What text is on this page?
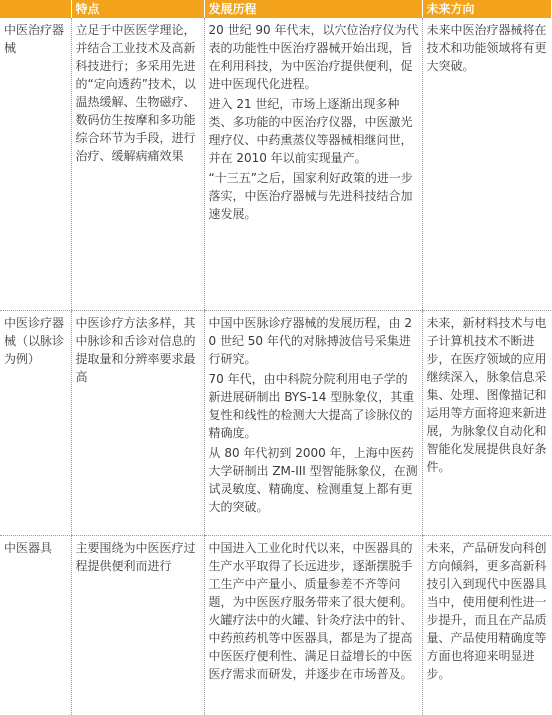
	特点	发展历程	未来方向
中医治疗器械	立足于中医医学理论，并结合工业技术及高新科技进行；多采用先进的“定向透药”技术，以温热缓解、生物磁疗、数码仿生按摩和多功能综合环节为手段，进行治疗、缓解病痛效果	20 世纪 90 年代末，以穴位治疗仪为代表的功能性中医治疗器械开始出现，旨在利用科技，为中医治疗提供便利，促进中医现代化进程。
进入 21 世纪，市场上逐渐出现多种类、多功能的中医治疗仪器，中医激光理疗仪、中药熏蒸仪等器械相继问世，并在 2010 年以前实现量产。
“十三五”之后，国家利好政策的进一步落实，中医治疗器械与先进科技结合加速发展。	未来中医治疗器械将在技术和功能领域将有更大突破。
中医诊疗器械（以脉诊为例）	中医诊疗方法多样，其中脉诊和舌诊对信息的提取量和分辨率要求最高	中国中医脉诊疗器械的发展历程，由 20 世纪 50 年代的对脉搏波信号采集进行研究。
70 年代，由中科院分院利用电子学的新进展研制出 BYS-14 型脉象仪，其重复性和线性的检测大大提高了诊脉仪的精确度。
从 80 年代初到 2000 年，上海中医药大学研制出 ZM-III 型智能脉象仪，在测试灵敏度、精确度、检测重复上都有更大的突破。	未来，新材料技术与电子计算机技术不断进步，在医疗领域的应用继续深入，脉象信息采集、处理、图像描记和运用等方面将迎来新进展，为脉象仪自动化和智能化发展提供良好条件。
中医器具	主要围绕为中医医疗过程提供便利而进行	中国进入工业化时代以来，中医器具的生产水平取得了长远进步，逐渐摆脱手工生产中产量小、质量参差不齐等问题，为中医医疗服务带来了很大便利。火罐疗法中的火罐、针灸疗法中的针、中药煎药机等中医器具，都是为了提高中医医疗便利性、满足日益增长的中医医疗需求而研发，并逐步在市场普及。	未来，产品研发向科创方向倾斜，更多高新科技引入到现代中医器具当中，使用便利性进一步提升，而且在产品质量、产品使用精确度等方面也将迎来明显进步。
